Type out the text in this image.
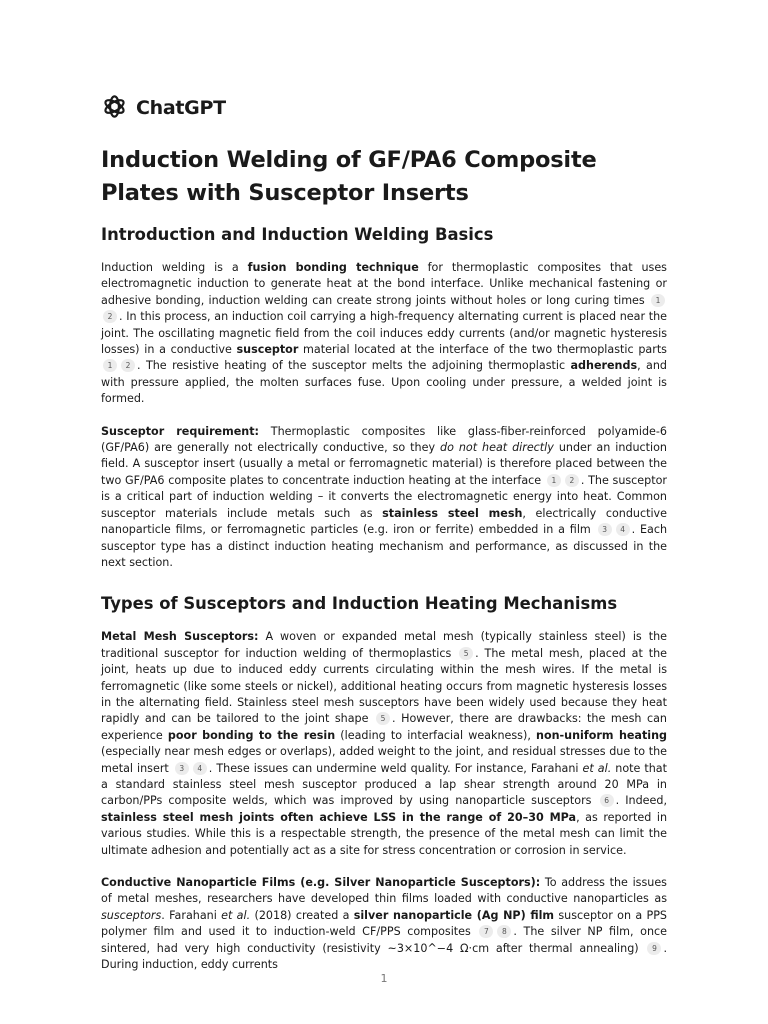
ChatGPT
Induction Welding of GF/PA6 Composite Plates with Susceptor Inserts
Introduction and Induction Welding Basics

Induction welding is a fusion bonding technique for thermoplastic composites that uses electromagnetic induction to generate heat at the bond interface. Unlike mechanical fastening or adhesive bonding, induction welding can create strong joints without holes or long curing times 12 . In this process, an induction coil carrying a high-frequency alternating current is placed near the joint. The oscillating magnetic field from the coil induces eddy currents (and/or magnetic hysteresis losses) in a conductive susceptor material located at the interface of the two thermoplastic parts 1 2 . The resistive heating of the susceptor melts the adjoining thermoplastic adherends, and with pressure applied, the molten surfaces fuse. Upon cooling under pressure, a welded joint is formed.

Susceptor requirement: Thermoplastic composites like glass-fiber-reinforced polyamide-6 (GF/PA6) are generally not electrically conductive, so they do not heat directly under an induction field. A susceptor insert (usually a metal or ferromagnetic material) is therefore placed between the two GF/PA6 composite plates to concentrate induction heating at the interface 1 2 . The susceptor is a critical part of induction welding – it converts the electromagnetic energy into heat. Common susceptor materials include metals such as stainless steel mesh, electrically conductive nanoparticle films, or ferromagnetic particles (e.g. iron or ferrite) embedded in a film 3 4 . Each susceptor type has a distinct induction heating mechanism and performance, as discussed in the next section.

Types of Susceptors and Induction Heating Mechanisms

Metal Mesh Susceptors: A woven or expanded metal mesh (typically stainless steel) is the traditional susceptor for induction welding of thermoplastics 5 . The metal mesh, placed at the joint, heats up due to induced eddy currents circulating within the mesh wires. If the metal is ferromagnetic (like some steels or nickel), additional heating occurs from magnetic hysteresis losses in the alternating field. Stainless steel mesh susceptors have been widely used because they heat rapidly and can be tailored to the joint shape 5 . However, there are drawbacks: the mesh can experience poor bonding to the resin (leading to interfacial weakness), non-uniform heating (especially near mesh edges or overlaps), added weight to the joint, and residual stresses due to the metal insert 3 4 . These issues can undermine weld quality. For instance, Farahani et al. note that a standard stainless steel mesh susceptor produced a lap shear strength around 20 MPa in carbon/PPs composite welds, which was improved by using nanoparticle susceptors 6 . Indeed, stainless steel mesh joints often achieve LSS in the range of 20–30 MPa, as reported in various studies. While this is a respectable strength, the presence of the metal mesh can limit the ultimate adhesion and potentially act as a site for stress concentration or corrosion in service.

Conductive Nanoparticle Films (e.g. Silver Nanoparticle Susceptors): To address the issues of metal meshes, researchers have developed thin films loaded with conductive nanoparticles as susceptors. Farahani et al. (2018) created a silver nanoparticle (Ag NP) film susceptor on a PPS polymer film and used it to induction-weld CF/PPS composites 7 8 . The silver NP film, once sintered, had very high conductivity (resistivity ~3×10^−4 Ω·cm after thermal annealing) 9 . During induction, eddy currents

1
